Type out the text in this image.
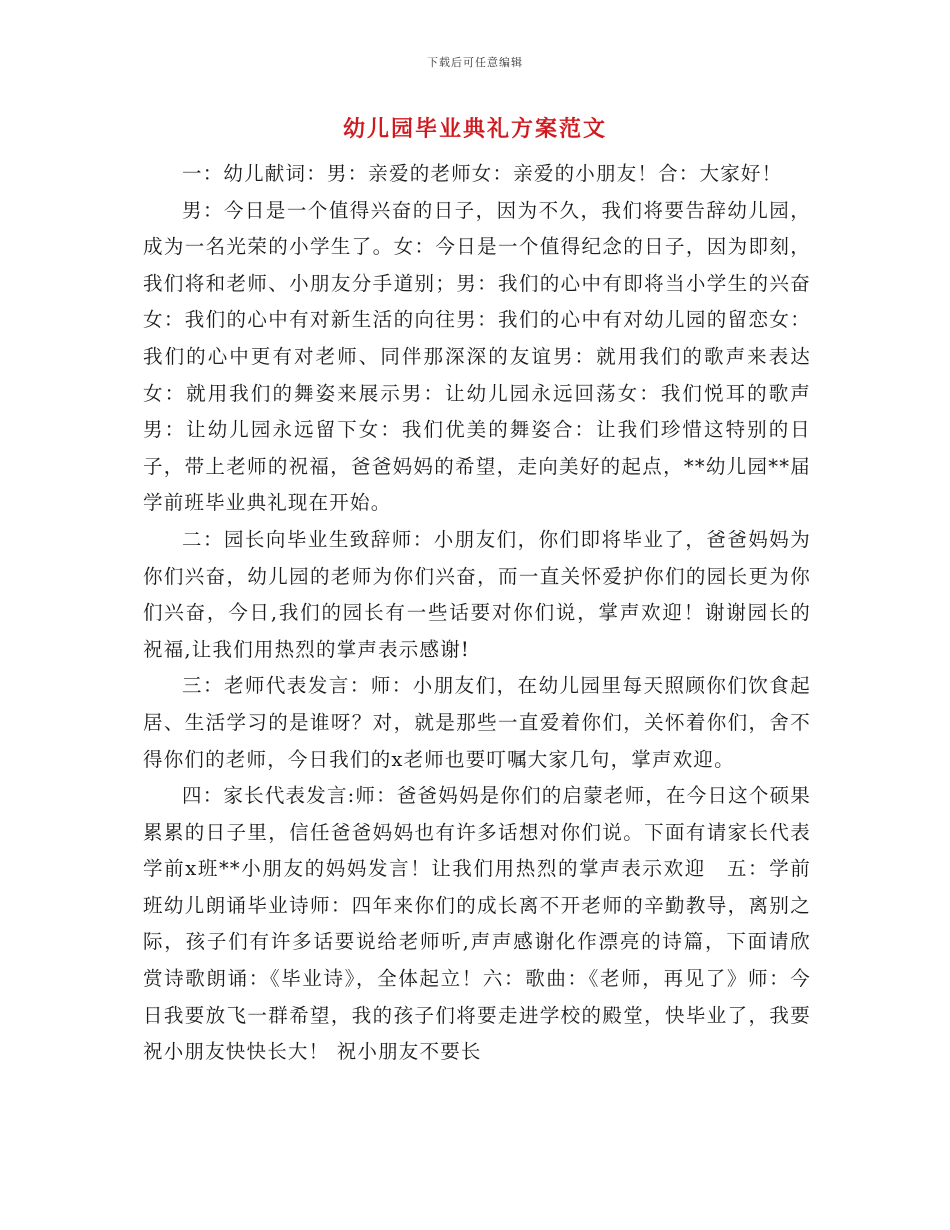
下载后可任意编辑
幼儿园毕业典礼方案范文

一：幼儿献词：男：亲爱的老师女：亲爱的小朋友！合：大家好！

男：今日是一个值得兴奋的日子，因为不久，我们将要告辞幼儿园，成为一名光荣的小学生了。女：今日是一个值得纪念的日子，因为即刻，我们将和老师、小朋友分手道别；男：我们的心中有即将当小学生的兴奋女：我们的心中有对新生活的向往男：我们的心中有对幼儿园的留恋女：我们的心中更有对老师、同伴那深深的友谊男：就用我们的歌声来表达女：就用我们的舞姿来展示男：让幼儿园永远回荡女：我们悦耳的歌声男：让幼儿园永远留下女：我们优美的舞姿合：让我们珍惜这特别的日子，带上老师的祝福，爸爸妈妈的希望，走向美好的起点，**幼儿园**届学前班毕业典礼现在开始。

二：园长向毕业生致辞师：小朋友们，你们即将毕业了，爸爸妈妈为你们兴奋，幼儿园的老师为你们兴奋，而一直关怀爱护你们的园长更为你们兴奋，今日,我们的园长有一些话要对你们说，掌声欢迎！谢谢园长的祝福,让我们用热烈的掌声表示感谢!

三：老师代表发言：师：小朋友们，在幼儿园里每天照顾你们饮食起居、生活学习的是谁呀？对，就是那些一直爱着你们，关怀着你们，舍不得你们的老师，今日我们的x老师也要叮嘱大家几句，掌声欢迎。

四：家长代表发言:师：爸爸妈妈是你们的启蒙老师，在今日这个硕果累累的日子里，信任爸爸妈妈也有许多话想对你们说。下面有请家长代表学前x班**小朋友的妈妈发言！让我们用热烈的掌声表示欢迎　五：学前班幼儿朗诵毕业诗师：四年来你们的成长离不开老师的辛勤教导，离别之际，孩子们有许多话要说给老师听,声声感谢化作漂亮的诗篇，下面请欣赏诗歌朗诵：《毕业诗》，全体起立！六：歌曲：《老师，再见了》师：今日我要放飞一群希望，我的孩子们将要走进学校的殿堂，快毕业了，我要 祝小朋友快快长大！ 祝小朋友不要长
